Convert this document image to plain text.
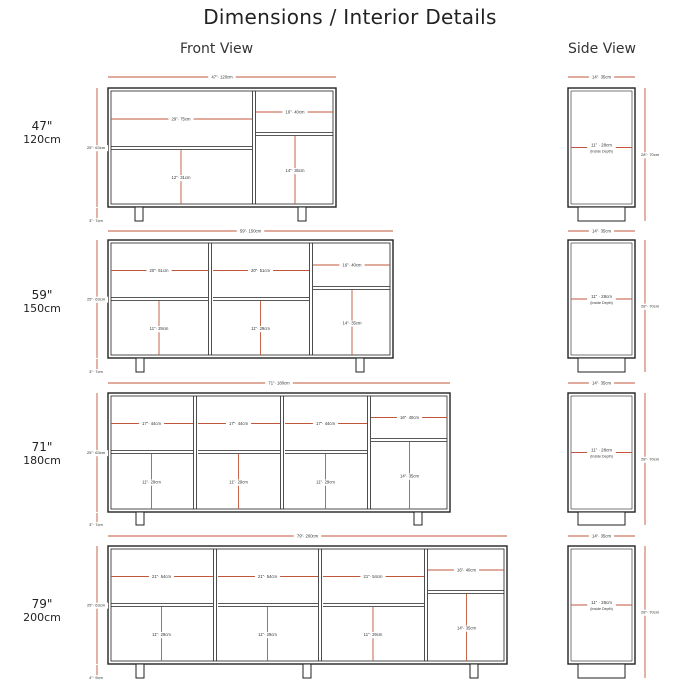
Dimensions / Interior Details
Front View	Side View
47"
120cm
59"
150cm
71"
180cm
79"
200cm
47"· 120cm
25"· 63cm
3"· 7cm
29"· 75cm
12"· 31cm
16"· 40cm
14"· 35cm
14"· 35cm
28"· 70cm
11" · 28cm
(Inside Depth)
59"· 150cm
25"· 63cm
3"· 7cm
20"· 51cm
11"· 29cm
20"· 51cm
11"· 29cm
16"· 40cm
14"· 35cm
14"· 35cm
28"· 70cm
11" · 28cm
(Inside Depth)
71"· 180cm
25"· 63cm
3"· 7cm
17"· 44cm
11"· 29cm
17"· 44cm
11"· 29cm
17"· 44cm
11"· 29cm
16"· 40cm
14"· 35cm
14"· 35cm
28"· 70cm
11" · 28cm
(Inside Depth)
79"· 200cm
25"· 63cm
4"· 9cm
21"· 54cm
11"· 29cm
21"· 54cm
11"· 29cm
21"· 54cm
11"· 29cm
16"· 40cm
14"· 35cm
14"· 35cm
28"· 70cm
11" · 28cm
(Inside Depth)
